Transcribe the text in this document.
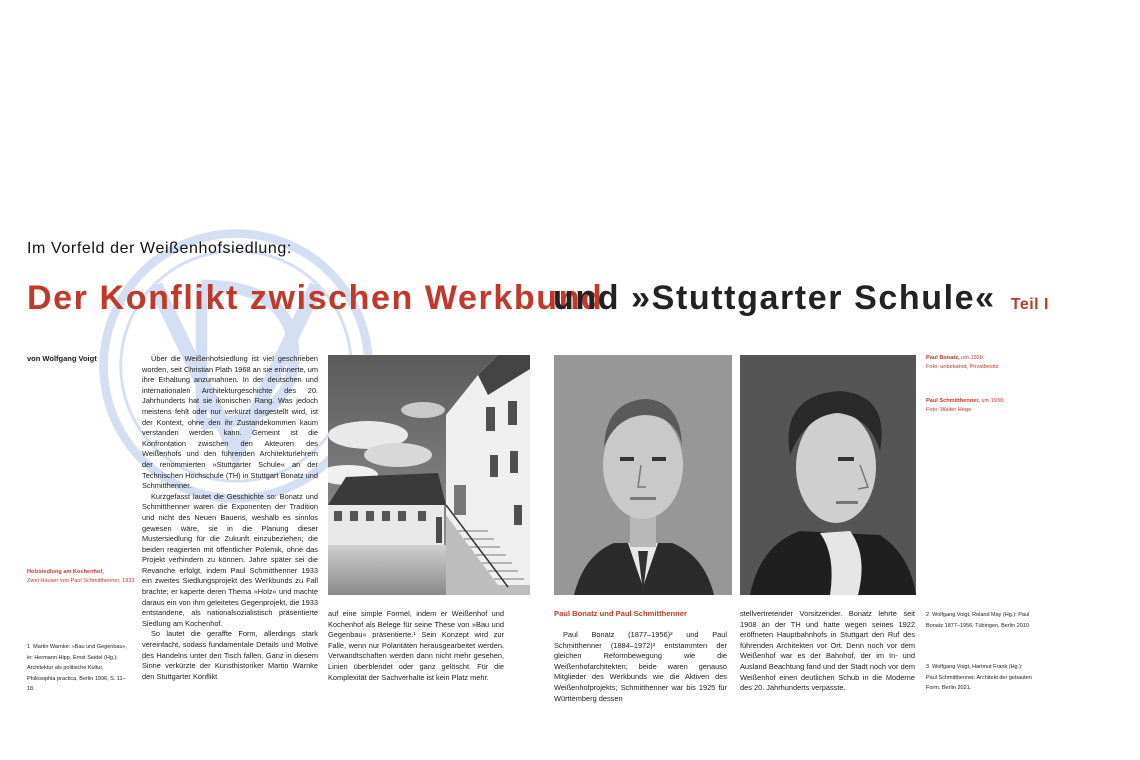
Im Vorfeld der Weißenhofsiedlung:
Der Konflikt zwischen Werkbund
und »Stuttgarter Schule« Teil I
von Wolfgang Voigt
Holzsiedlung am Kochenhof,
Zwei Häuser von Paul Schmitthenner, 1933
1 Martin Warnke: »Bau und Gegenbau«, in: Hermann Hipp, Ernst Seidel (Hg.): Architektur als politische Kultur, Philosophia practica, Berlin 1996, S. 11–18.

Über die Weißenhofsiedlung ist viel geschrieben worden, seit Christian Plath 1968 an sie erinnerte, um ihre Erhaltung anzumahnen. In der deutschen und internationalen Architekturgeschichte des 20. Jahrhunderts hat sie ikonischen Rang. Was jedoch meistens fehlt oder nur verkürzt dargestellt wird, ist der Kontext, ohne den ihr Zustandekommen kaum verstanden werden kann. Gemeint ist die Konfrontation zwischen den Akteuren des Weißenhofs und den führenden Architekturlehrern der renommierten »Stuttgarter Schule« an der Technischen Hochschule (TH) in Stuttgart Bonatz und Schmitthenner.

Kurzgefasst lautet die Geschichte so: Bonatz und Schmitthenner waren die Exponenten der Tradition und nicht des Neuen Bauens, weshalb es sinnlos gewesen wäre, sie in die Planung dieser Mustersiedlung für die Zukunft einzubeziehen; die beiden reagierten mit öffentlicher Polemik, ohne das Projekt verhindern zu können. Jahre später sei die Revanche erfolgt, indem Paul Schmitthenner 1933 ein zweites Siedlungsprojekt des Werkbunds zu Fall brachte; er kaperte deren Thema »Holz« und machte daraus ein von ihm geleitetes Gegenprojekt, die 1933 entstandene, als nationalsozialistisch präsentierte Siedlung am Kochenhof.

So lautet die geraffte Form, allerdings stark vereinfacht, sodass fundamentale Details und Motive des Handelns unter den Tisch fallen. Ganz in diesem Sinne verkürzte der Kunsthistoriker Martin Warnke den Stuttgarter Konflikt

auf eine simple Formel, indem er Weißenhof und Kochenhof als Belege für seine These von »Bau und Gegenbau« präsentierte.¹ Sein Konzept wird zur Falle, wenn nur Polaritäten herausgearbeitet werden. Verwandtschaften werden dann nicht mehr gesehen, Linien überblendet oder ganz gelöscht. Für die Komplexität der Sachverhalte ist kein Platz mehr.

Paul Bonatz und Paul Schmitthenner

Paul Bonatz (1877–1956)² und Paul Schmitthenner (1884–1972)³ entstammten der gleichen Reformbewegung wie die Weißenhofarchitekten; beide waren genauso Mitglieder des Werkbunds wie die Aktiven des Weißenhofprojekts; Schmitthenner war bis 1925 für Württemberg dessen

stellvertretender Vorsitzender. Bonatz lehrte seit 1908 an der TH und hatte wegen seines 1922 eröffneten Hauptbahnhofs in Stuttgart den Ruf des führenden Architekten vor Ort. Denn noch vor dem Weißenhof war es der Bahnhof, der im In- und Ausland Beachtung fand und der Stadt noch vor dem Weißenhof einen deutlichen Schub in die Moderne des 20. Jahrhunderts verpasste.

Paul Bonatz, um 1920.
Foto: unbekannt, Privatbesitz
Paul Schmitthenner, um 1930,
Foto: Walter Hege
2 Wolfgang Voigt, Roland May (Hg.): Paul Bonatz 1877–1956. Tübingen, Berlin 2010
3 Wolfgang Voigt, Hartmut Frank (Hg.): Paul Schmitthenner. Architekt der gebauten Form, Berlin 2021.
